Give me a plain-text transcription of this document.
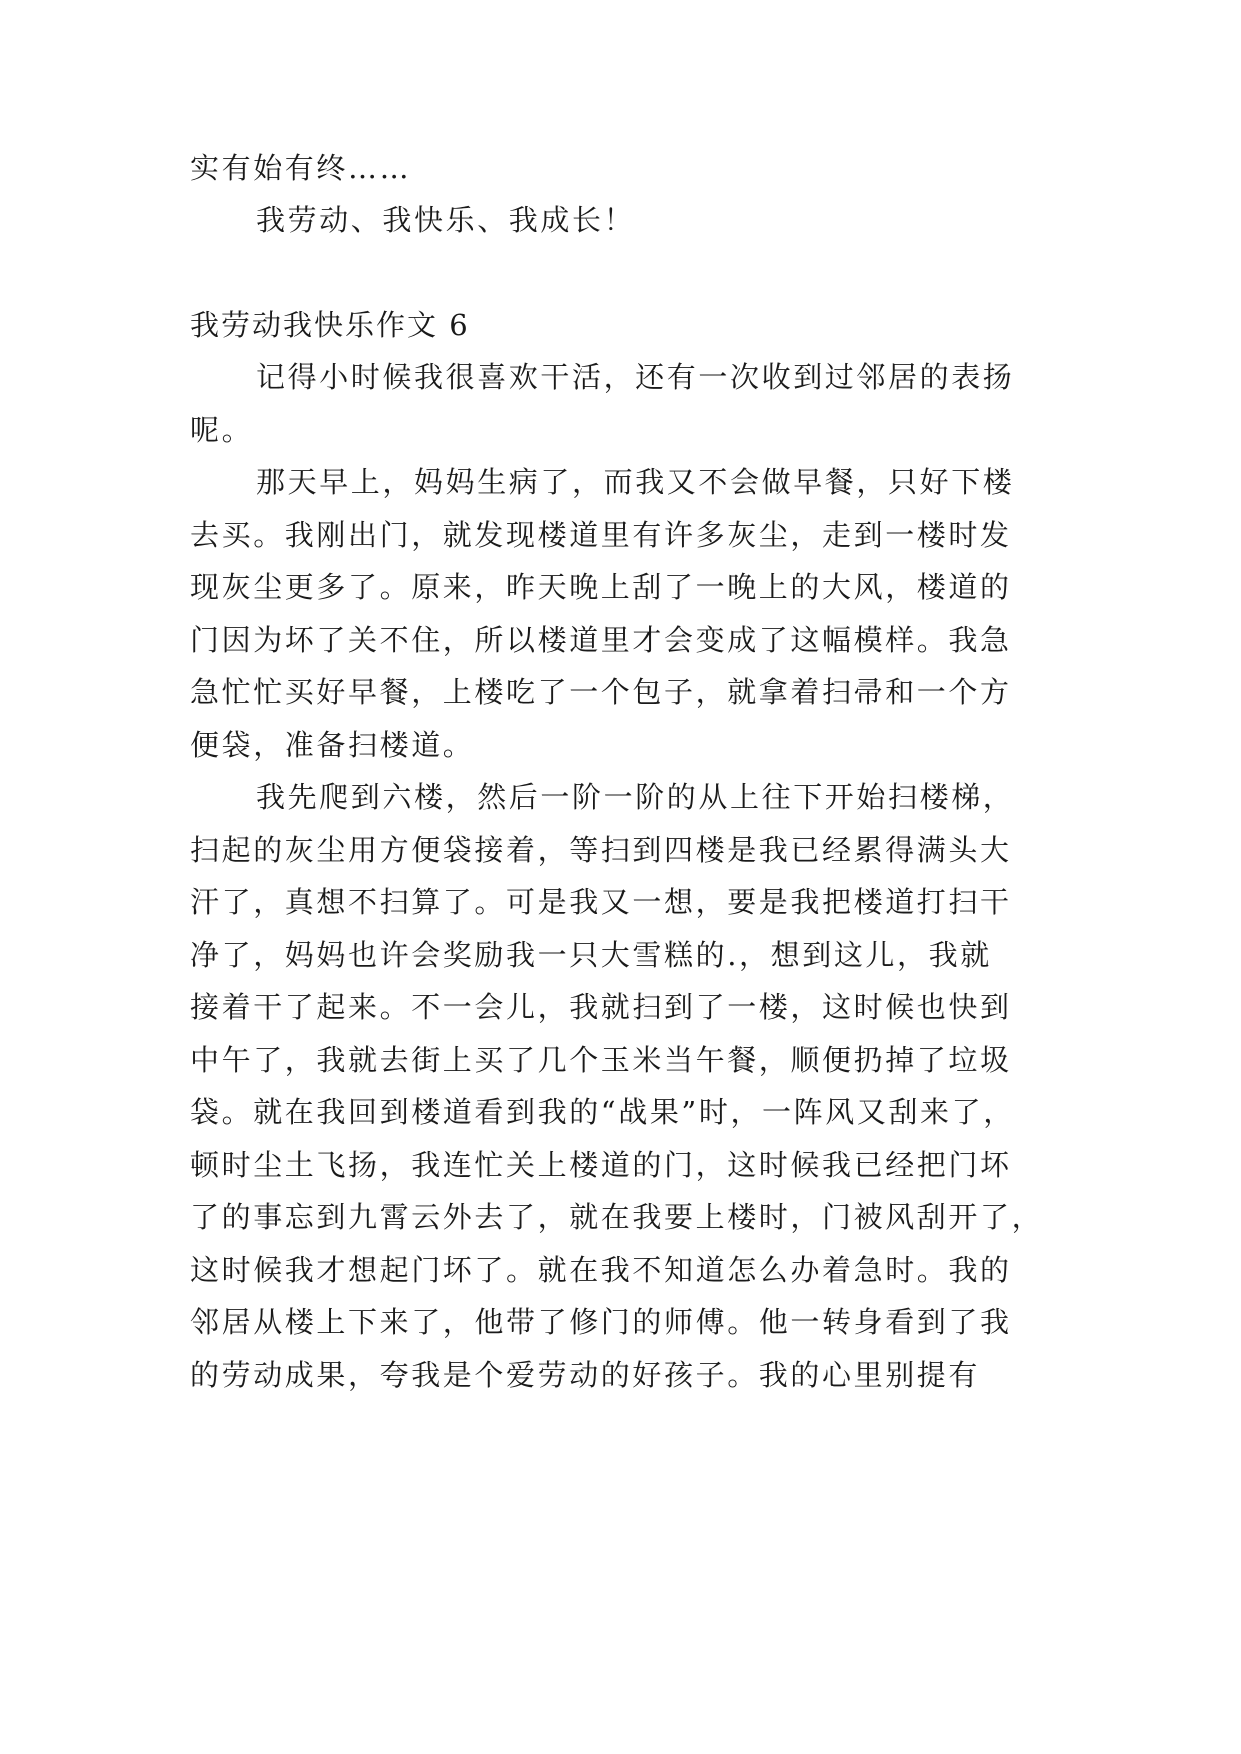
实有始有终……
我劳动、我快乐、我成长！
我劳动我快乐作文 6
记得小时候我很喜欢干活，还有一次收到过邻居的表扬
呢。
那天早上，妈妈生病了，而我又不会做早餐，只好下楼
去买。我刚出门，就发现楼道里有许多灰尘，走到一楼时发
现灰尘更多了。原来，昨天晚上刮了一晚上的大风，楼道的
门因为坏了关不住，所以楼道里才会变成了这幅模样。我急
急忙忙买好早餐，上楼吃了一个包子，就拿着扫帚和一个方
便袋，准备扫楼道。
我先爬到六楼，然后一阶一阶的从上往下开始扫楼梯，
扫起的灰尘用方便袋接着，等扫到四楼是我已经累得满头大
汗了，真想不扫算了。可是我又一想，要是我把楼道打扫干
净了，妈妈也许会奖励我一只大雪糕的.，想到这儿，我就
接着干了起来。不一会儿，我就扫到了一楼，这时候也快到
中午了，我就去街上买了几个玉米当午餐，顺便扔掉了垃圾
袋。就在我回到楼道看到我的“战果”时，一阵风又刮来了，
顿时尘土飞扬，我连忙关上楼道的门，这时候我已经把门坏
了的事忘到九霄云外去了，就在我要上楼时，门被风刮开了，
这时候我才想起门坏了。就在我不知道怎么办着急时。我的
邻居从楼上下来了，他带了修门的师傅。他一转身看到了我
的劳动成果，夸我是个爱劳动的好孩子。我的心里别提有
